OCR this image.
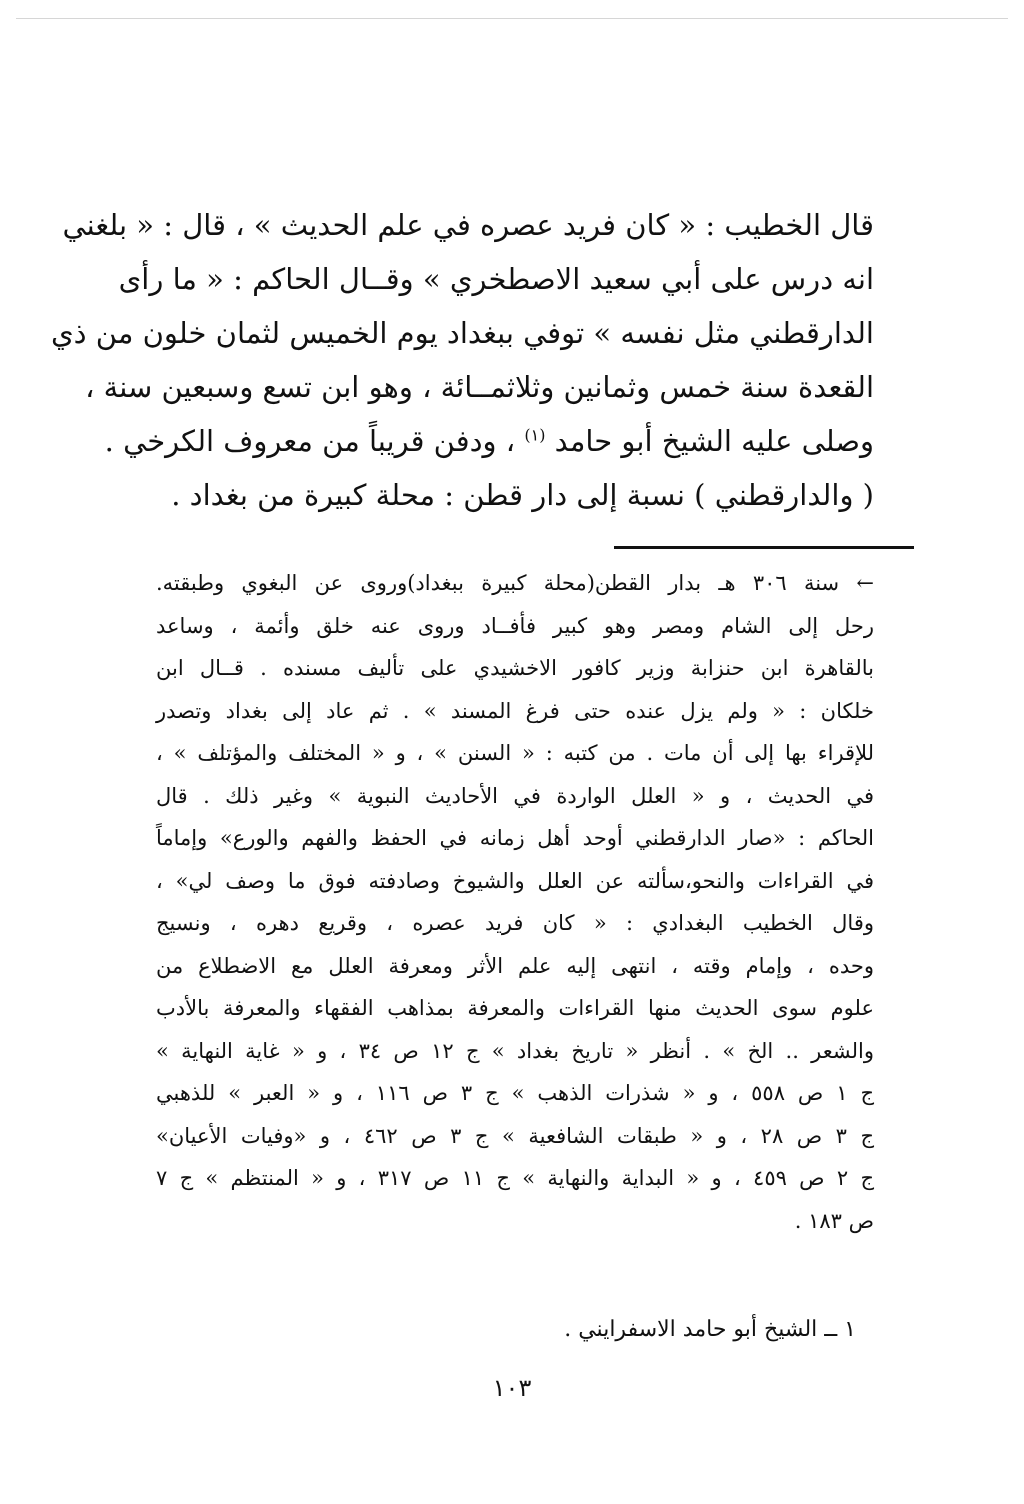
قال الخطيب : « كان فريد عصره في علم الحديث » ، قال : « بلغني
انه درس على أبي سعيد الاصطخري » وقــال الحاكم : « ما رأى
الدارقطني مثل نفسه » توفي ببغداد يوم الخميس لثمان خلون من ذي
القعدة سنة خمس وثمانين وثلاثمــائة ، وهو ابن تسع وسبعين سنة ،
وصلى عليه الشيخ أبو حامد $^{(١)}$ ، ودفن قريباً من معروف الكرخي .
( والدارقطني ) نسبة إلى دار قطن : محلة كبيرة من بغداد .
← سنة ٣٠٦ هـ بدار القطن(محلة كبيرة ببغداد)وروى عن البغوي وطبقته.
رحل إلى الشام ومصر وهو كبير فأفــاد وروى عنه خلق وأئمة ، وساعد
بالقاهرة ابن حنزابة وزير كافور الاخشيدي على تأليف مسنده . قــال ابن
خلكان : « ولم يزل عنده حتى فرغ المسند » . ثم عاد إلى بغداد وتصدر
للإقراء بها إلى أن مات . من كتبه : « السنن » ، و « المختلف والمؤتلف » ،
في الحديث ، و « العلل الواردة في الأحاديث النبوية » وغير ذلك . قال
الحاكم : «صار الدارقطني أوحد أهل زمانه في الحفظ والفهم والورع» وإماماً
في القراءات والنحو،سألته عن العلل والشيوخ وصادفته فوق ما وصف لي» ،
وقال الخطيب البغدادي : « كان فريد عصره ، وقريع دهره ، ونسيج
وحده ، وإمام وقته ، انتهى إليه علم الأثر ومعرفة العلل مع الاضطلاع من
علوم سوى الحديث منها القراءات والمعرفة بمذاهب الفقهاء والمعرفة بالأدب
والشعر .. الخ » . أنظر « تاريخ بغداد » ج ١٢ ص ٣٤ ، و « غاية النهاية »
ج ١ ص ٥٥٨ ، و « شذرات الذهب » ج ٣ ص ١١٦ ، و « العبر » للذهبي
ج ٣ ص ٢٨ ، و « طبقات الشافعية » ج ٣ ص ٤٦٢ ، و «وفيات الأعيان»
ج ٢ ص ٤٥٩ ، و « البداية والنهاية » ج ١١ ص ٣١٧ ، و « المنتظم » ج ٧
ص ١٨٣ .
١ ــ الشيخ أبو حامد الاسفرايني .
١٠٣
